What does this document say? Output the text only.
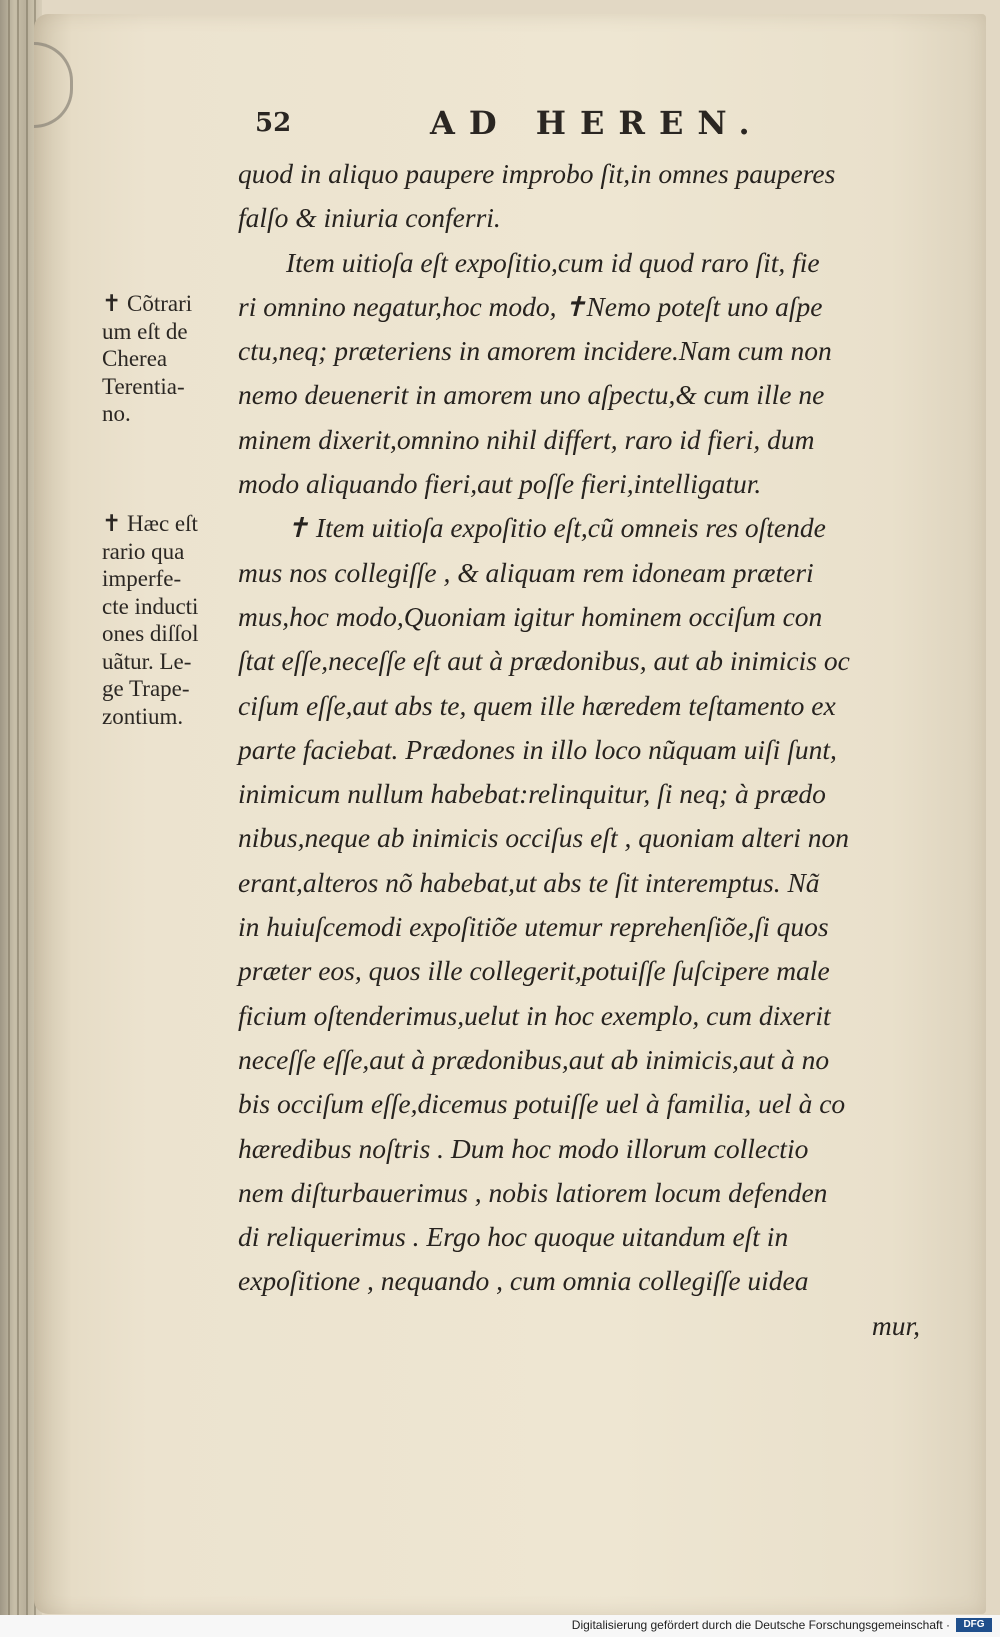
52	AD HEREN.
quod in aliquo paupere improbo ſit,in omnes pauperes
falſo & iniuria conferri.
Item uitioſa eſt expoſitio,cum id quod raro ſit, fie
ri omnino negatur,hoc modo, ✝Nemo poteſt uno aſpe
ctu,neq; præteriens in amorem incidere.Nam cum non
nemo deuenerit in amorem uno aſpectu,& cum ille ne
minem dixerit,omnino nihil differt, raro id fieri, dum
modo aliquando fieri,aut poſſe fieri,intelligatur.
✝ Item uitioſa expoſitio eſt,cũ omneis res oſtende
mus nos collegiſſe , & aliquam rem idoneam præteri
mus,hoc modo,Quoniam igitur hominem occiſum con
ſtat eſſe,neceſſe eſt aut à prædonibus, aut ab inimicis oc
ciſum eſſe,aut abs te, quem ille hæredem teſtamento ex
parte faciebat. Prædones in illo loco nũquam uiſi ſunt,
inimicum nullum habebat:relinquitur, ſi neq; à prædo
nibus,neque ab inimicis occiſus eſt , quoniam alteri non
erant,alteros nõ habebat,ut abs te ſit interemptus. Nã
in huiuſcemodi expoſitiõe utemur reprehenſiõe,ſi quos
præter eos, quos ille collegerit,potuiſſe ſuſcipere male
ficium oſtenderimus,uelut in hoc exemplo, cum dixerit
neceſſe eſſe,aut à prædonibus,aut ab inimicis,aut à no
bis occiſum eſſe,dicemus potuiſſe uel à familia, uel à co
hæredibus noſtris . Dum hoc modo illorum collectio
nem diſturbauerimus , nobis latiorem locum defenden
di reliquerimus . Ergo hoc quoque uitandum eſt in
expoſitione , nequando , cum omnia collegiſſe uidea
mur,
✝ Cõtrari
um eſt de
Cherea
Terentia-
no.
✝ Hæc eſt
rario qua
imperfe-
cte inducti
ones diſſol
uãtur. Le-
ge Trape-
zontium.
Digitalisierung gefördert durch die Deutsche Forschungsgemeinschaft ·	DFG
